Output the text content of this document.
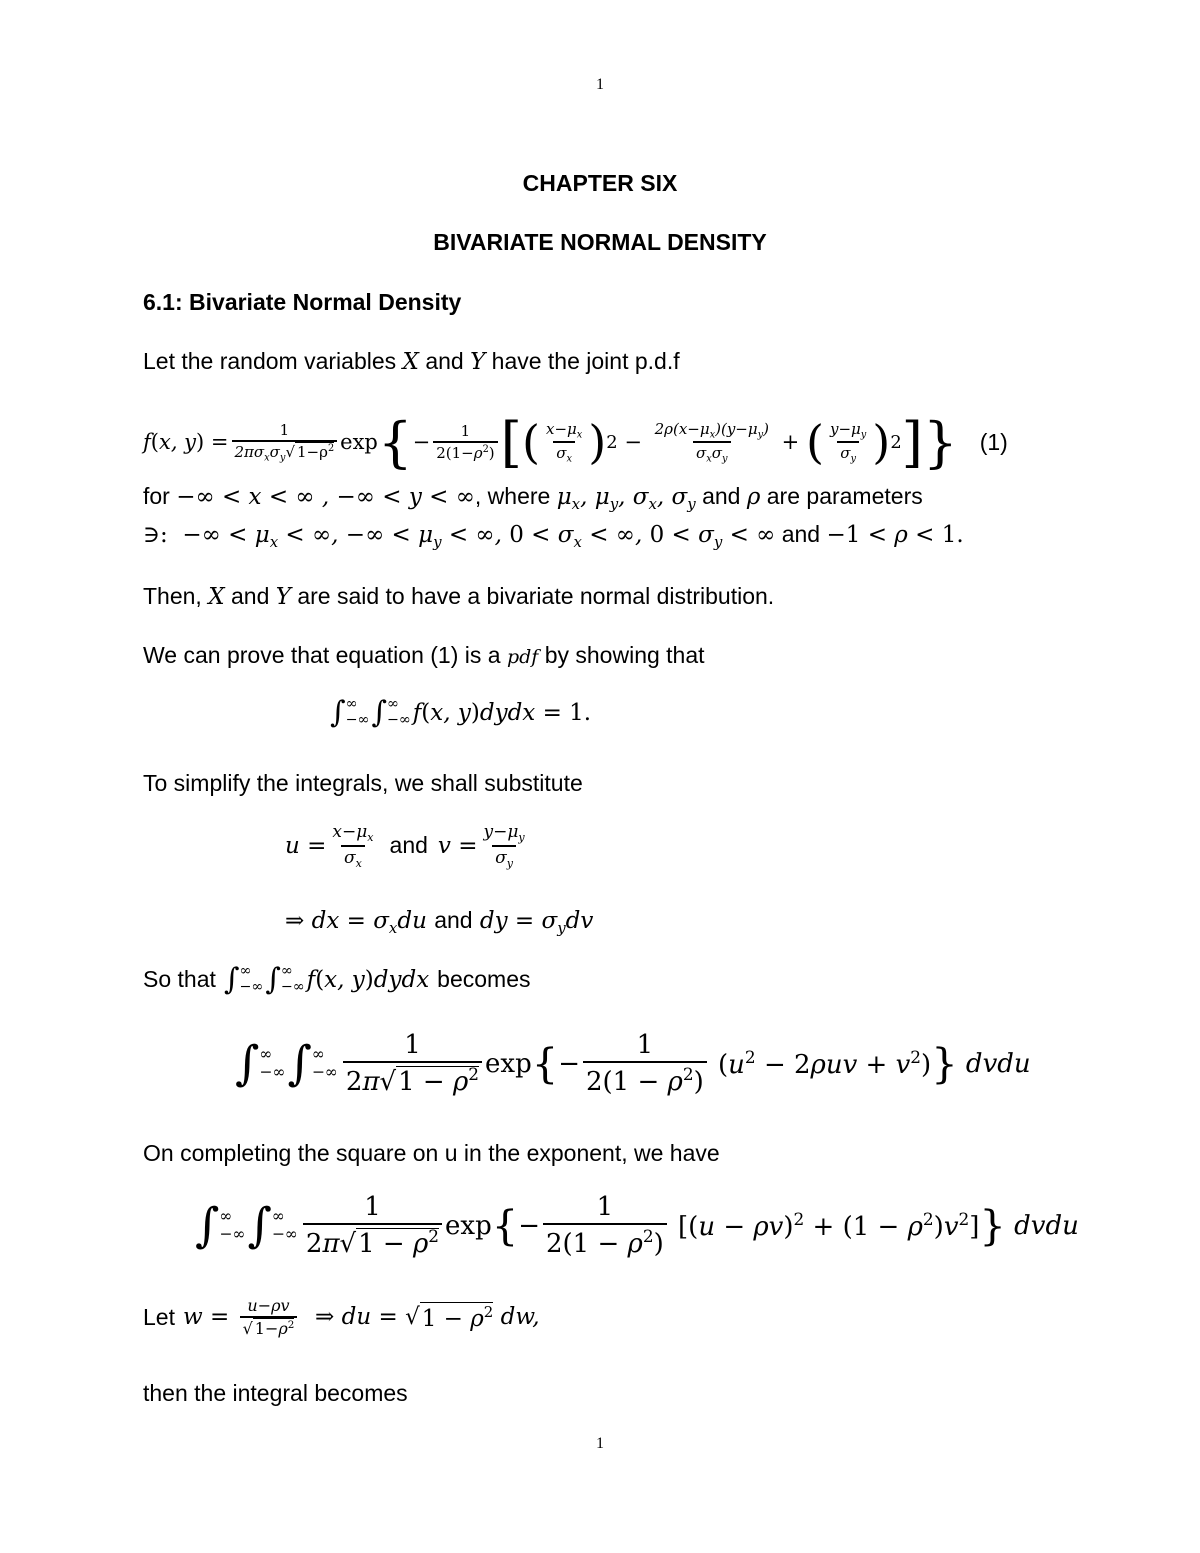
1
CHAPTER SIX
BIVARIATE NORMAL DENSITY
6.1: Bivariate Normal Density
Let the random variables X and Y have the joint p.d.f
f ( x, y ) = $\frac{1}{2\pi\sigma_x\sigma_y√ 1-\rho^2}$ exp { − $\frac{1}{2(1-\rho^2)}$ [ ( $\frac{x-\mu_x}{\sigma_x}$ ) $2 - \frac{2\rho(x-\mu_x)(y-\mu_y)}{\sigma_x\sigma_y}$ + ( $\frac{y-\mu_y}{\sigma_y}$ ) 2 ] } (1)
for −∞ < x < ∞ , −∞ < y < ∞, where $\mu_x$, $\mu_y$, $\sigma_x$, $\sigma_y$ and ρ are parameters
∋:  −∞ < $\mu_x$ < ∞, −∞ < $\mu_y$ < ∞, $0 < \sigma_x$ < ∞, $0 < \sigma_y$ < ∞ and −1 < ρ < 1.
Then, X and Y are said to have a bivariate normal distribution.
We can prove that equation (1) is a pdf by showing that
∫ ∞
−∞ ∫ ∞
−∞ f(x, y)dydx = 1.
To simplify the integrals, we shall substitute
$u = \frac{x-\mu_x}{\sigma_x}$ and $v = \frac{y-\mu_y}{\sigma_y}$
⇒ dx = $\sigma_xdu$ and dy = $\sigma_ydv$
So that ∫ ∞
−∞ ∫ ∞
−∞ f ( x, y ) dydx becomes
∫ ∞
−∞ ∫ ∞
−∞ $\frac{1}{2\pi√1 - \rho^2}$ exp { − $\frac{1}{2(1 - \rho^2)} (u^2 - 2\rho uv + v^2)$ } dvdu
On completing the square on u in the exponent, we have
∫ ∞
−∞ ∫ ∞
−∞ $\frac{1}{2\pi√1 - \rho^2}$ exp { − $\frac{1}{2(1 - \rho^2)} [(u - \rho v)^2 + (1 - \rho^2)v^2]$ } dvdu
Let $w = \frac{u-\rho v}{√ 1-\rho^2}$ ⇒ du = √ $1 - \rho^2$ dw,
then the integral becomes
1
